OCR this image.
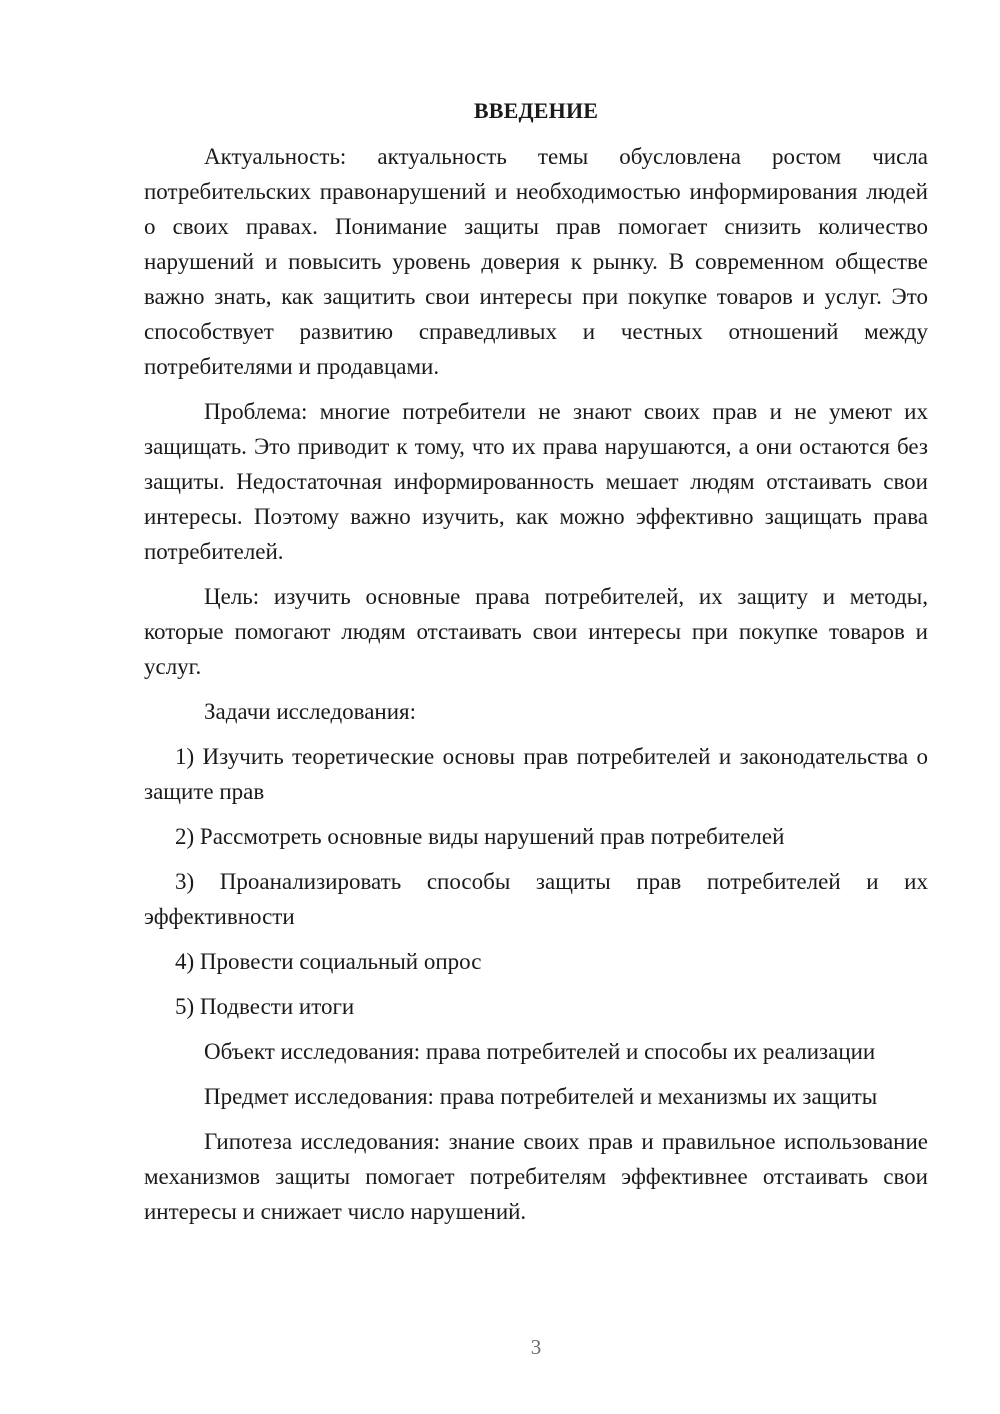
ВВЕДЕНИЕ

Актуальность: актуальность темы обусловлена ростом числа потребительских правонарушений и необходимостью информирования людей о своих правах. Понимание защиты прав помогает снизить количество нарушений и повысить уровень доверия к рынку. В современном обществе важно знать, как защитить свои интересы при покупке товаров и услуг. Это способствует развитию справедливых и честных отношений между потребителями и продавцами.

Проблема: многие потребители не знают своих прав и не умеют их защищать. Это приводит к тому, что их права нарушаются, а они остаются без защиты. Недостаточная информированность мешает людям отстаивать свои интересы. Поэтому важно изучить, как можно эффективно защищать права потребителей.

Цель: изучить основные права потребителей, их защиту и методы, которые помогают людям отстаивать свои интересы при покупке товаров и услуг.

Задачи исследования:

1) Изучить теоретические основы прав потребителей и законодательства о защите прав

2) Рассмотреть основные виды нарушений прав потребителей

3) Проанализировать способы защиты прав потребителей и их эффективности

4) Провести социальный опрос

5) Подвести итоги

Объект исследования: права потребителей и способы их реализации

Предмет исследования: права потребителей и механизмы их защиты

Гипотеза исследования: знание своих прав и правильное использование механизмов защиты помогает потребителям эффективнее отстаивать свои интересы и снижает число нарушений.

3
